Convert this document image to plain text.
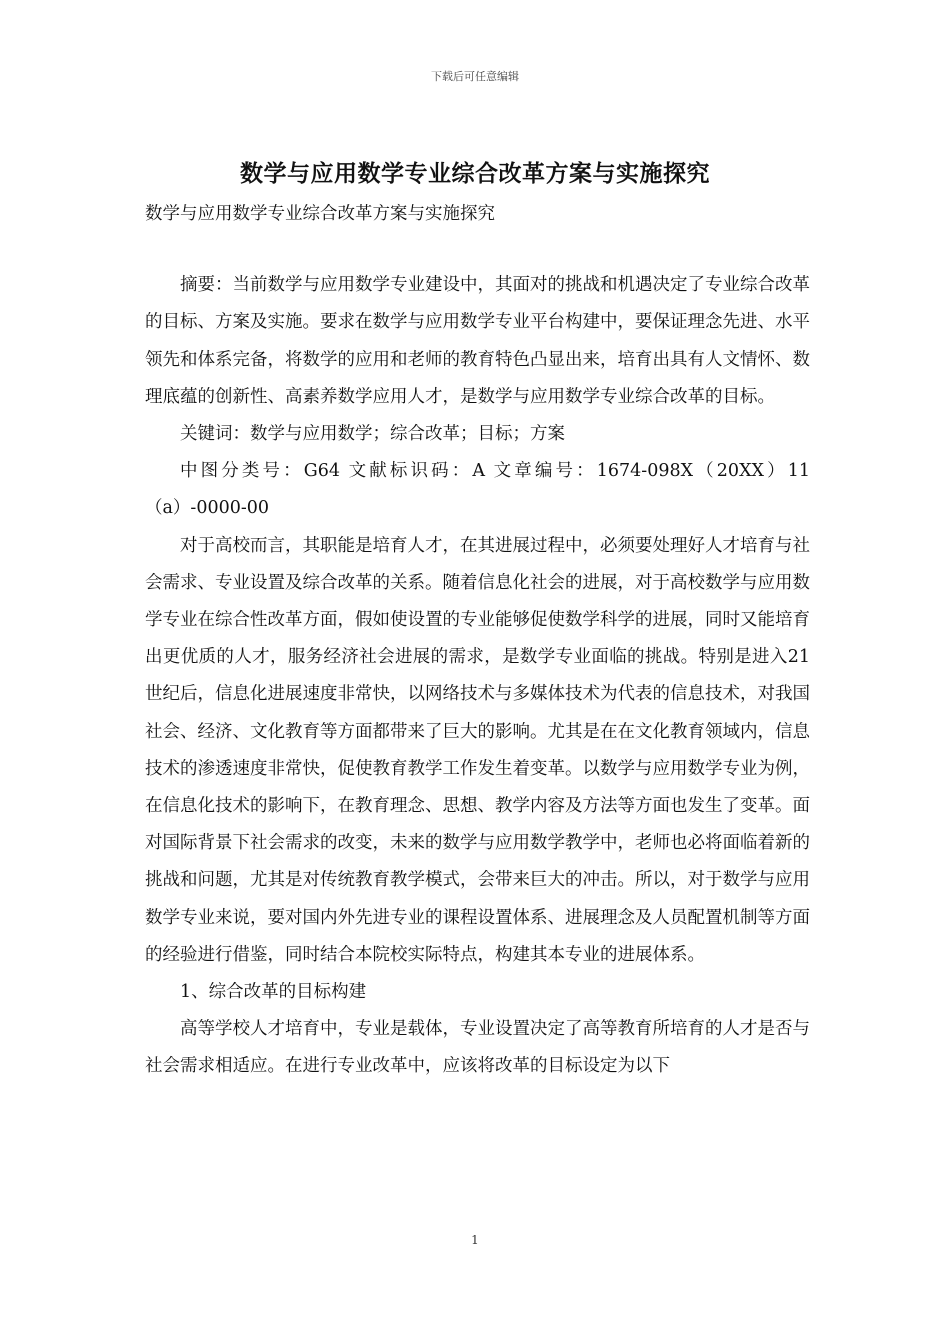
下载后可任意编辑
数学与应用数学专业综合改革方案与实施探究

数学与应用数学专业综合改革方案与实施探究

摘要：当前数学与应用数学专业建设中，其面对的挑战和机遇决定了专业综合改革的目标、方案及实施。要求在数学与应用数学专业平台构建中，要保证理念先进、水平领先和体系完备，将数学的应用和老师的教育特色凸显出来，培育出具有人文情怀、数理底蕴的创新性、高素养数学应用人才，是数学与应用数学专业综合改革的目标。

关键词：数学与应用数学；综合改革；目标；方案

中图分类号：G64 文献标识码：A 文章编号：1674-098X（20XX）11（a）-0000-00

对于高校而言，其职能是培育人才，在其进展过程中，必须要处理好人才培育与社会需求、专业设置及综合改革的关系。随着信息化社会的进展，对于高校数学与应用数学专业在综合性改革方面，假如使设置的专业能够促使数学科学的进展，同时又能培育出更优质的人才，服务经济社会进展的需求，是数学专业面临的挑战。特别是进入21世纪后，信息化进展速度非常快，以网络技术与多媒体技术为代表的信息技术，对我国社会、经济、文化教育等方面都带来了巨大的影响。尤其是在在文化教育领域内，信息技术的渗透速度非常快，促使教育教学工作发生着变革。以数学与应用数学专业为例，在信息化技术的影响下，在教育理念、思想、教学内容及方法等方面也发生了变革。面对国际背景下社会需求的改变，未来的数学与应用数学教学中，老师也必将面临着新的挑战和问题，尤其是对传统教育教学模式，会带来巨大的冲击。所以，对于数学与应用数学专业来说，要对国内外先进专业的课程设置体系、进展理念及人员配置机制等方面的经验进行借鉴，同时结合本院校实际特点，构建其本专业的进展体系。

1、综合改革的目标构建

高等学校人才培育中，专业是载体，专业设置决定了高等教育所培育的人才是否与社会需求相适应。在进行专业改革中，应该将改革的目标设定为以下

1
